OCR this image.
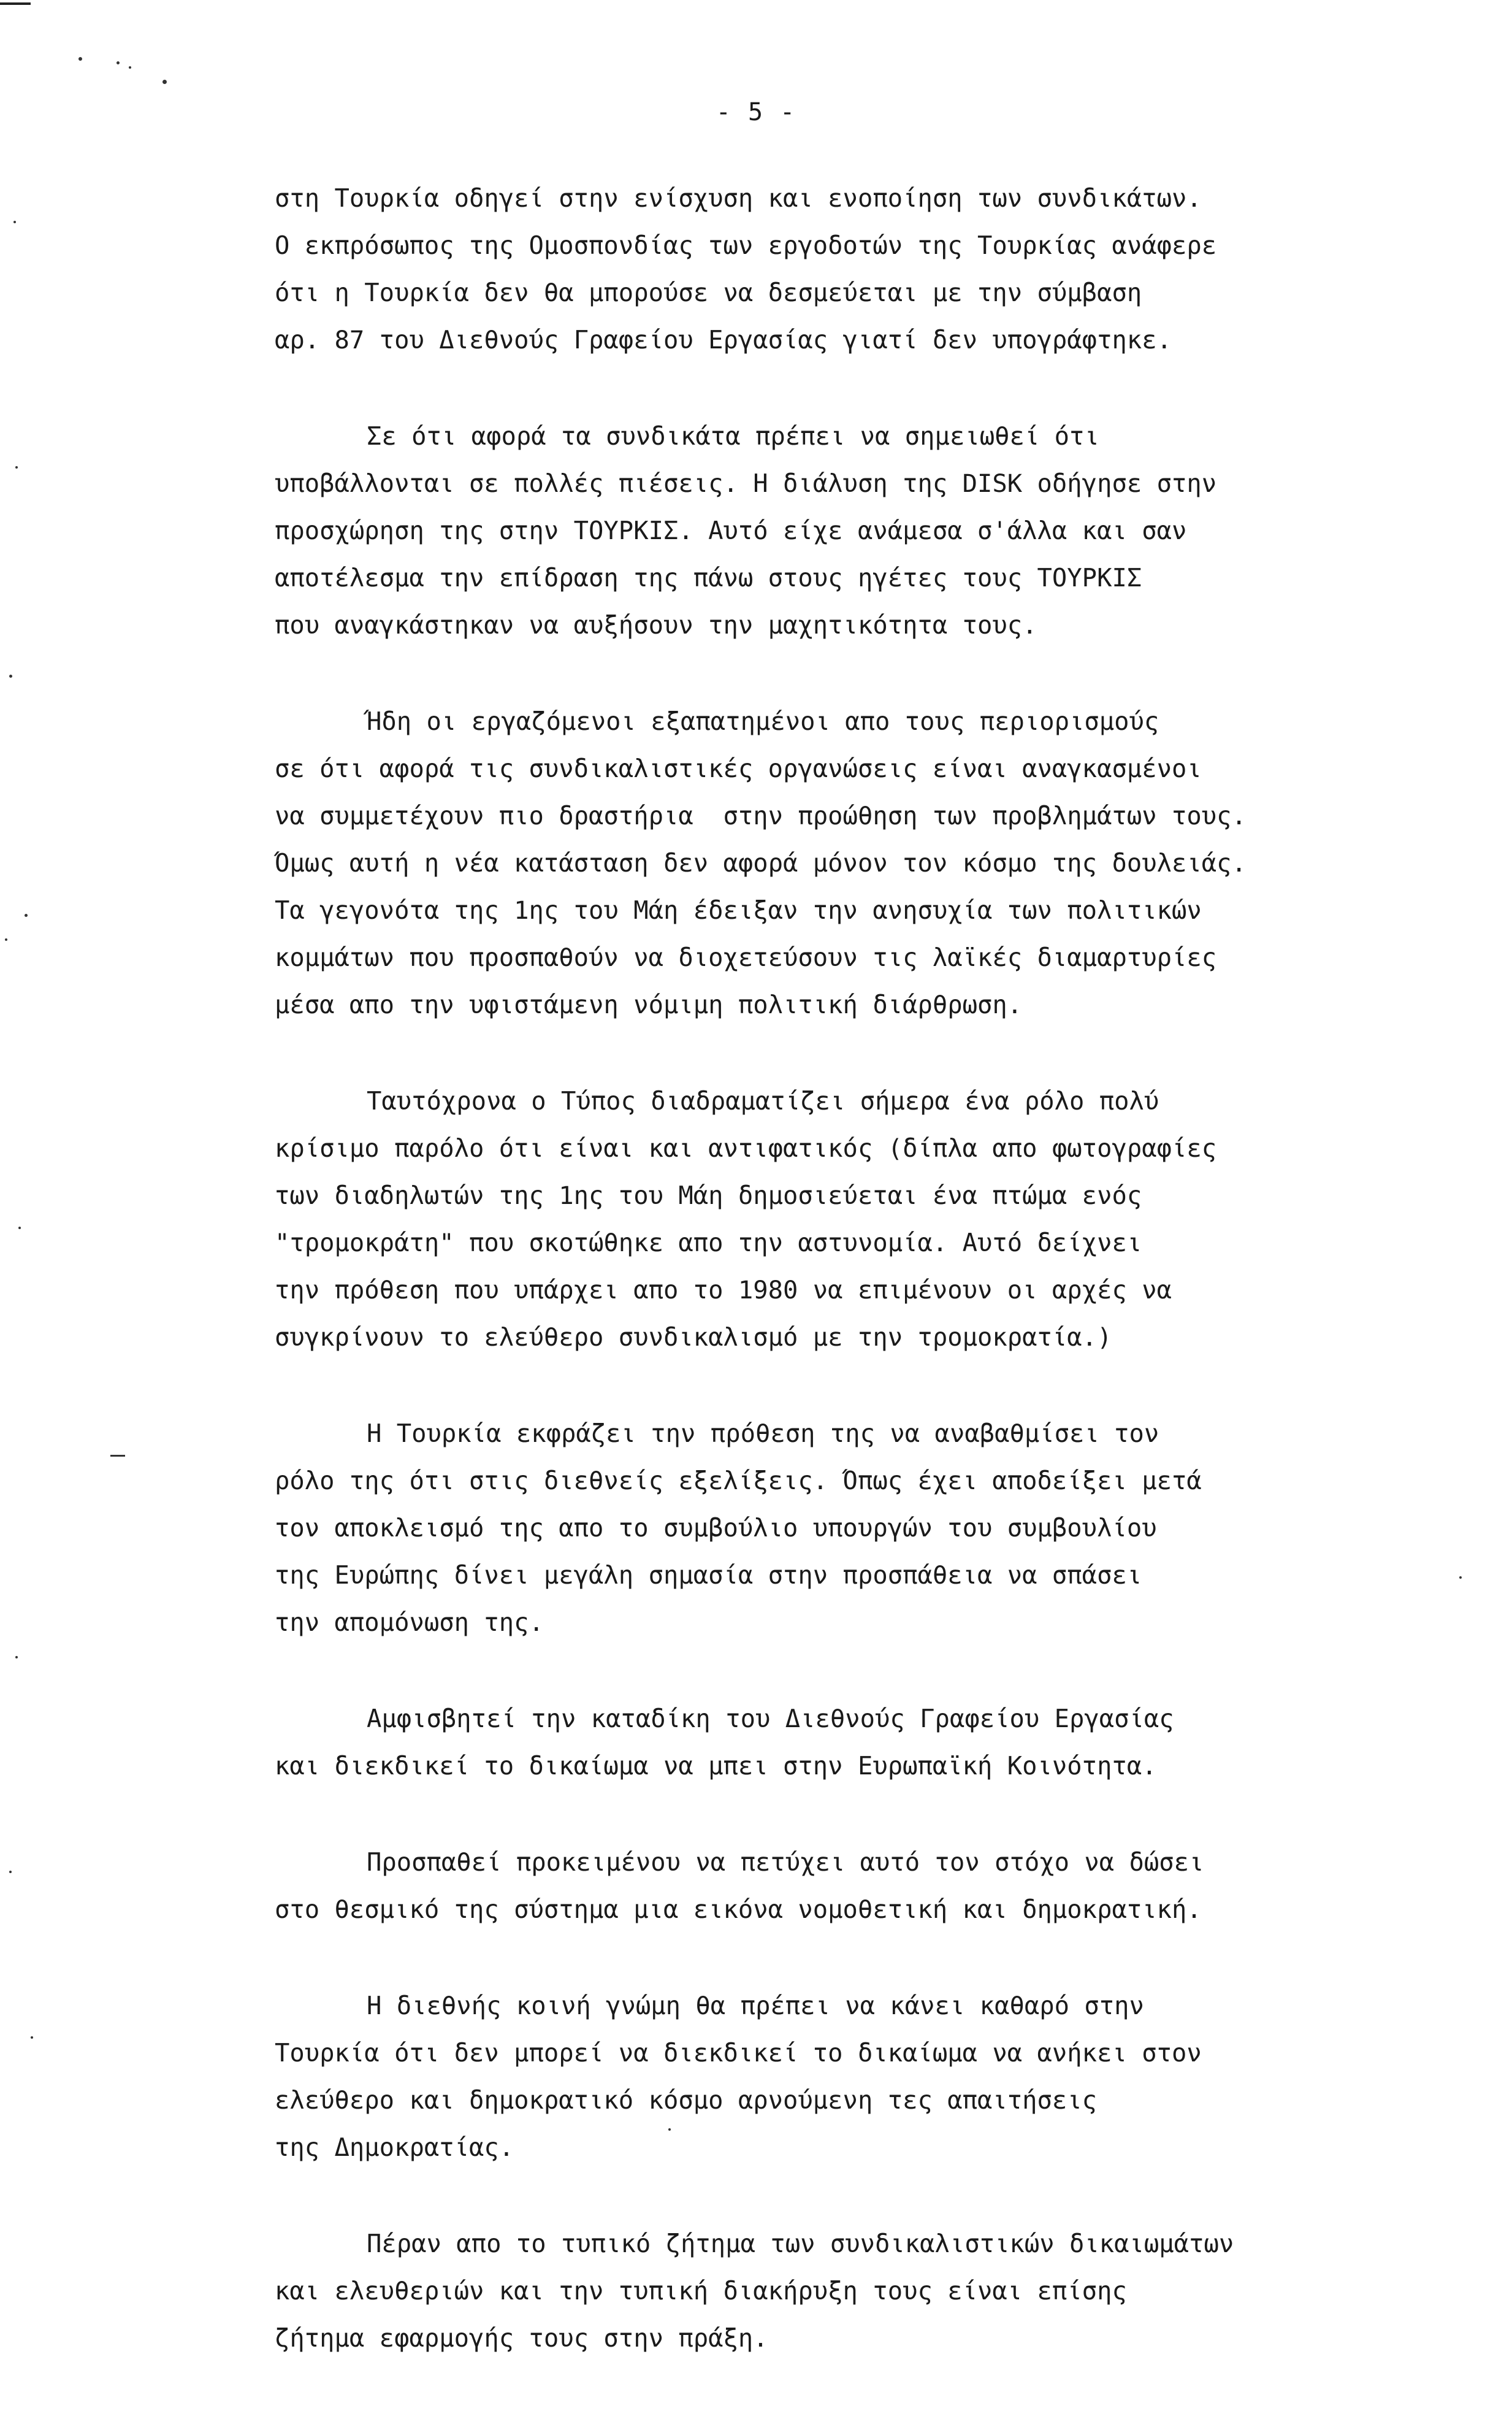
- 5 -
στη Τουρκία οδηγεί στην ενίσχυση και ενοποίηση των συνδικάτων.
Ο εκπρόσωπος της Ομοσπονδίας των εργοδοτών της Τουρκίας ανάφερε
ότι η Τουρκία δεν θα μπορούσε να δεσμεύεται με την σύμβαση
αρ. 87 του Διεθνούς Γραφείου Εργασίας γιατί δεν υπογράφτηκε.
Σε ότι αφορά τα συνδικάτα πρέπει να σημειωθεί ότι
υποβάλλονται σε πολλές πιέσεις. Η διάλυση της DISK οδήγησε στην
προσχώρηση της στην ΤΟΥΡΚΙΣ. Αυτό είχε ανάμεσα σ'άλλα και σαν
αποτέλεσμα την επίδραση της πάνω στους ηγέτες τους ΤΟΥΡΚΙΣ
που αναγκάστηκαν να αυξήσουν την μαχητικότητα τους.
Ήδη οι εργαζόμενοι εξαπατημένοι απο τους περιορισμούς
σε ότι αφορά τις συνδικαλιστικές οργανώσεις είναι αναγκασμένοι
να συμμετέχουν πιο δραστήρια  στην προώθηση των προβλημάτων τους.
Όμως αυτή η νέα κατάσταση δεν αφορά μόνον τον κόσμο της δουλειάς.
Τα γεγονότα της 1ης του Μάη έδειξαν την ανησυχία των πολιτικών
κομμάτων που προσπαθούν να διοχετεύσουν τις λαϊκές διαμαρτυρίες
μέσα απο την υφιστάμενη νόμιμη πολιτική διάρθρωση.
Ταυτόχρονα ο Τύπος διαδραματίζει σήμερα ένα ρόλο πολύ
κρίσιμο παρόλο ότι είναι και αντιφατικός (δίπλα απο φωτογραφίες
των διαδηλωτών της 1ης του Μάη δημοσιεύεται ένα πτώμα ενός
"τρομοκράτη" που σκοτώθηκε απο την αστυνομία. Αυτό δείχνει
την πρόθεση που υπάρχει απο το 1980 να επιμένουν οι αρχές να
συγκρίνουν το ελεύθερο συνδικαλισμό με την τρομοκρατία.)
Η Τουρκία εκφράζει την πρόθεση της να αναβαθμίσει τον
ρόλο της ότι στις διεθνείς εξελίξεις. Όπως έχει αποδείξει μετά
τον αποκλεισμό της απο το συμβούλιο υπουργών του συμβουλίου
της Ευρώπης δίνει μεγάλη σημασία στην προσπάθεια να σπάσει
την απομόνωση της.
Αμφισβητεί την καταδίκη του Διεθνούς Γραφείου Εργασίας
και διεκδικεί το δικαίωμα να μπει στην Ευρωπαϊκή Κοινότητα.
Προσπαθεί προκειμένου να πετύχει αυτό τον στόχο να δώσει
στο θεσμικό της σύστημα μια εικόνα νομοθετική και δημοκρατική.
Η διεθνής κοινή γνώμη θα πρέπει να κάνει καθαρό στην
Τουρκία ότι δεν μπορεί να διεκδικεί το δικαίωμα να ανήκει στον
ελεύθερο και δημοκρατικό κόσμο αρνούμενη τες απαιτήσεις
της Δημοκρατίας.
Πέραν απο το τυπικό ζήτημα των συνδικαλιστικών δικαιωμάτων
και ελευθεριών και την τυπική διακήρυξη τους είναι επίσης
ζήτημα εφαρμογής τους στην πράξη.
